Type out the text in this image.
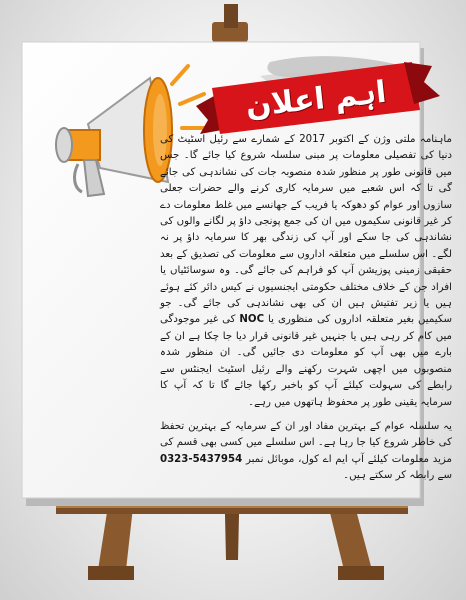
اہم اعلان

ماہنامہ ملتی وژن کے اکتوبر 2017 کے شمارے سے رئیل اسٹیٹ کی دنیا کی تفصیلی معلومات پر مبنی سلسلہ شروع کیا جائے گا۔ جس میں قانونی طور پر منظور شدہ منصوبہ جات کی نشاندہی کی جائے گی تا کہ اس شعبے میں سرمایہ کاری کرنے والے حضرات جعلی سازوں اور عوام کو دھوکہ یا فریب کے جھانسے میں غلط معلومات دے کر غیر قانونی سکیموں میں ان کی جمع پونجی داؤ پر لگانے والوں کی نشاندہی کی جا سکے اور آپ کی زندگی بھر کا سرمایہ داؤ پر نہ لگے۔ اس سلسلے میں متعلقہ اداروں سے معلومات کی تصدیق کے بعد حقیقی زمینی پوزیشن آپ کو فراہم کی جائے گی۔ وہ سوسائٹیاں یا افراد جن کے خلاف مختلف حکومتی ایجنسیوں نے کیس دائر کئے ہوئے ہیں یا زیر تفتیش ہیں ان کی بھی نشاندہی کی جائے گی۔ جو سکیمیں بغیر متعلقہ اداروں کی منظوری یا NOC کی غیر موجودگی میں کام کر رہی ہیں یا جنہیں غیر قانونی قرار دیا جا چکا ہے ان کے بارے میں بھی آپ کو معلومات دی جائیں گی۔ ان منظور شدہ منصوبوں میں اچھی شہرت رکھنے والے رئیل اسٹیٹ ایجنٹس سے رابطے کی سہولت کیلئے آپ کو باخبر رکھا جائے گا تا کہ آپ کا سرمایہ یقینی طور پر محفوظ ہاتھوں میں رہے۔

یہ سلسلہ عوام کے بہترین مفاد اور ان کے سرمایہ کے بہترین تحفظ کی خاطر شروع کیا جا رہا ہے۔ اس سلسلے میں کسی بھی قسم کی مزید معلومات کیلئے آپ ایم اے کول، موبائل نمبر 0323-5437954 سے رابطہ کر سکتے ہیں۔
